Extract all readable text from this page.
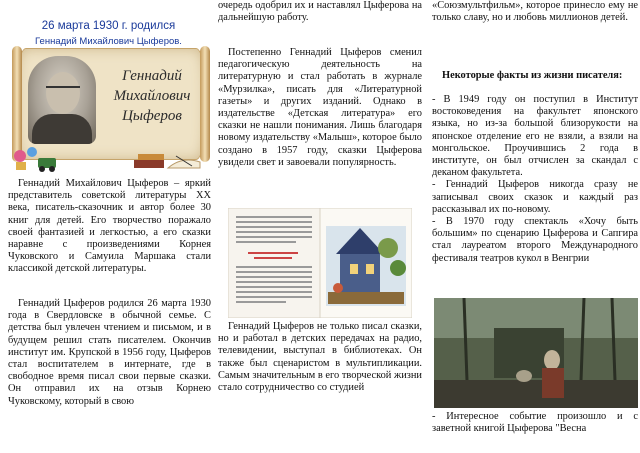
26 марта 1930 г. родился
Геннадий Михайлович Цыферов.
Геннадий
Михайлович
Цыферов

Геннадий Михайлович Цыферов – яркий представитель советской литературы XX века, писатель-сказочник и автор более 30 книг для детей. Его творчество поражало своей фантазией и легкостью, а его сказки наравне с произведениями Корнея Чуковского и Самуила Маршака стали классикой детской литературы.

Геннадий Цыферов родился 26 марта 1930 года в Свердловске в обычной семье. С детства был увлечен чтением и письмом, и в будущем решил стать писателем. Окончив институт им. Крупской в 1956 году, Цыферов стал воспитателем в интернате, где в свободное время писал свои первые сказки. Он отправил их на отзыв Корнею Чуковскому, который в свою

очередь одобрил их и наставлял Цыферова на дальнейшую работу.

Постепенно Геннадий Цыферов сменил педагогическую деятельность на литературную и стал работать в журнале «Мурзилка», писать для «Литературной газеты» и других изданий. Однако в издательстве «Детская литература» его сказки не нашли понимания. Лишь благодаря новому издательству «Малыш», которое было создано в 1957 году, сказки Цыферова увидели свет и завоевали популярность.

Геннадий Цыферов не только писал сказки, но и работал в детских передачах на радио, телевидении, выступал в библиотеках. Он также был сценаристом в мультипликации. Самым значительным в его творческой жизни стало сотрудничество со студией

«Союзмультфильм», которое принесло ему не только славу, но и любовь миллионов детей.

Некоторые факты из жизни писателя:

- В 1949 году он поступил в Институт востоковедения на факультет японского языка, но из-за большой близорукости на японское отделение его не взяли, а взяли на монгольское. Проучившись 2 года в институте, он был отчислен за скандал с деканом факультета.

- Геннадий Цыферов никогда сразу не записывал своих сказок и каждый раз рассказывал их по-новому.

- В 1970 году спектакль «Хочу быть большим» по сценарию Цыферова и Сапгира стал лауреатом второго Международного фестиваля театров кукол в Венгрии

- Интересное событие произошло и с заветной книгой Цыферова "Весна
